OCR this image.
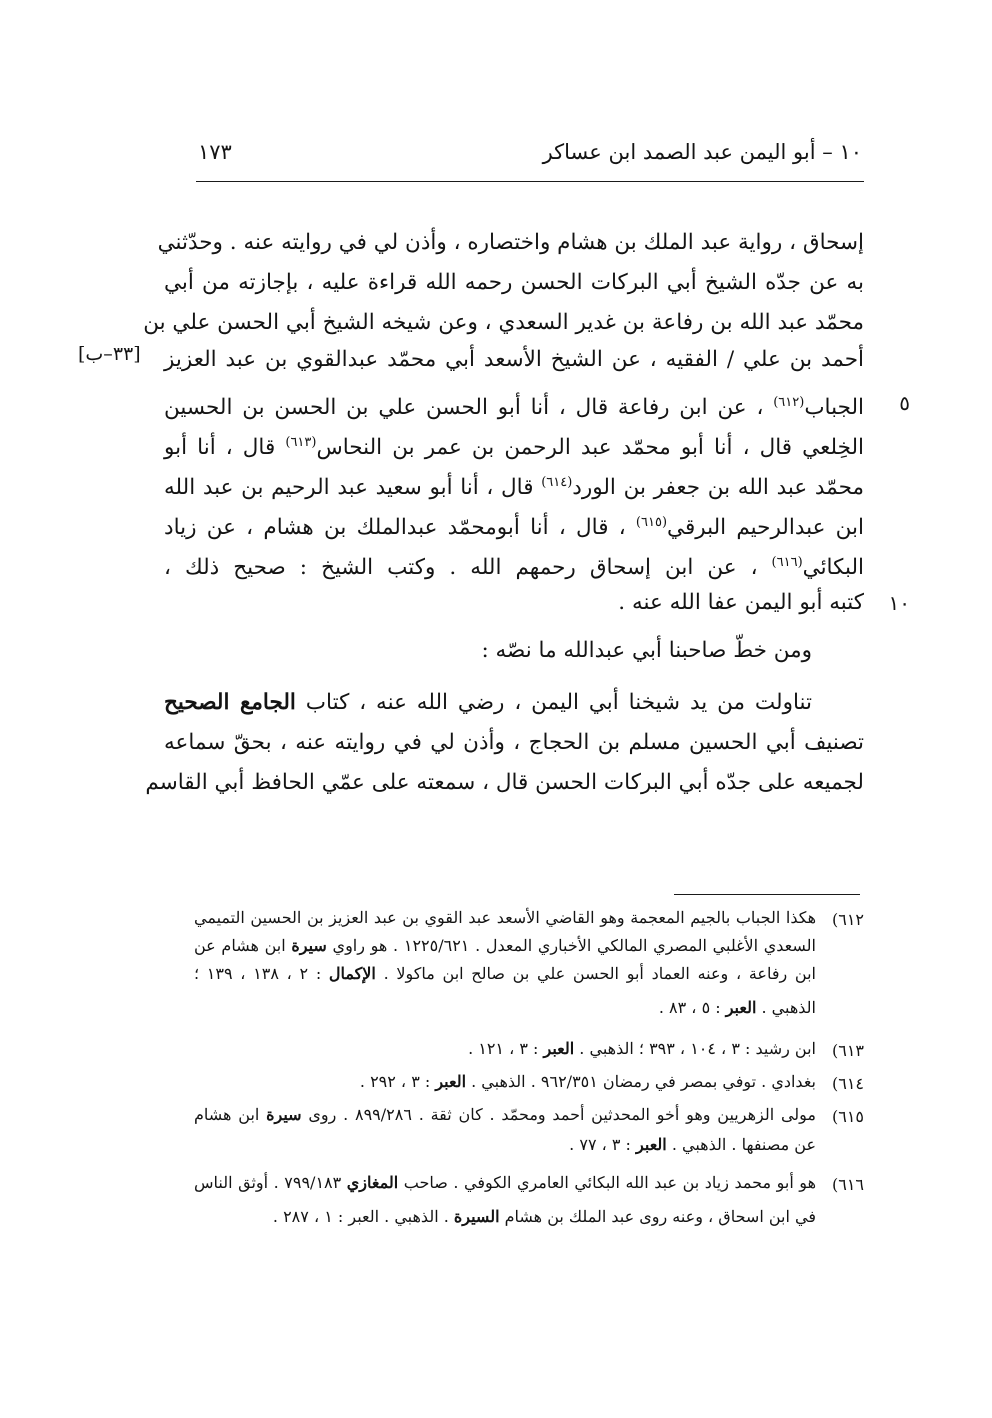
١٠ – أبو اليمن عبد الصمد ابن عساكر
١٧٣
[٣٣–ب]
٥
١٠
إسحاق ، رواية عبد الملك بن هشام واختصاره ، وأذن لي في روايته عنه . وحدّثني
به عن جدّه الشيخ أبي البركات الحسن رحمه الله قراءة عليه ، بإجازته من أبي
محمّد عبد الله بن رفاعة بن غدير السعدي ، وعن شيخه الشيخ أبي الحسن علي بن
أحمد بن علي / الفقيه ، عن الشيخ الأسعد أبي محمّد عبدالقوي بن عبد العزيز
الجباب$^{(٦١٢)}$ ، عن ابن رفاعة قال ، أنا أبو الحسن علي بن الحسن بن الحسين
الخِلعي قال ، أنا أبو محمّد عبد الرحمن بن عمر بن النحاس$^{(٦١٣)}$ قال ، أنا أبو
محمّد عبد الله بن جعفر بن الورد$^{(٦١٤)}$ قال ، أنا أبو سعيد عبد الرحيم بن عبد الله
ابن عبدالرحيم البرقي$^{(٦١٥)}$ ، قال ، أنا أبومحمّد عبدالملك بن هشام ، عن زياد
البكائي$^{(٦١٦)}$ ، عن ابن إسحاق رحمهم الله . وكتب الشيخ : صحيح ذلك ،
كتبه أبو اليمن عفا الله عنه .
ومن خطّ صاحبنا أبي عبدالله ما نصّه :
تناولت من يد شيخنا أبي اليمن ، رضي الله عنه ، كتاب الجامع الصحيح
تصنيف أبي الحسين مسلم بن الحجاج ، وأذن لي في روايته عنه ، بحقّ سماعه
لجميعه على جدّه أبي البركات الحسن قال ، سمعته على عمّي الحافظ أبي القاسم
٦١٢)
هكذا الجباب بالجيم المعجمة وهو القاضي الأسعد عبد القوي بن عبد العزيز بن الحسين التميمي
السعدي الأغلبي المصري المالكي الأخباري المعدل . ١٢٢٥/٦٢١ . هو راوي سيرة ابن هشام عن
ابن رفاعة ، وعنه العماد أبو الحسن علي بن صالح ابن ماكولا . الإكمال : ٢ ، ١٣٨ ، ١٣٩ ؛
الذهبي . العبر : ٥ ، ٨٣ .
٦١٣)
ابن رشيد : ٣ ، ١٠٤ ، ٣٩٣ ؛ الذهبي . العبر : ٣ ، ١٢١ .
٦١٤)
بغدادي . توفي بمصر في رمضان ٩٦٢/٣٥١ . الذهبي . العبر : ٣ ، ٢٩٢ .
٦١٥)
مولى الزهريين وهو أخو المحدثين أحمد ومحمّد . كان ثقة . ٨٩٩/٢٨٦ . روى سيرة ابن هشام
عن مصنفها . الذهبي . العبر : ٣ ، ٧٧ .
٦١٦)
هو أبو محمد زياد بن عبد الله البكائي العامري الكوفي . صاحب المغازي ٧٩٩/١٨٣ . أوثق الناس
في ابن اسحاق ، وعنه روى عبد الملك بن هشام السيرة . الذهبي . العبر : ١ ، ٢٨٧ .
